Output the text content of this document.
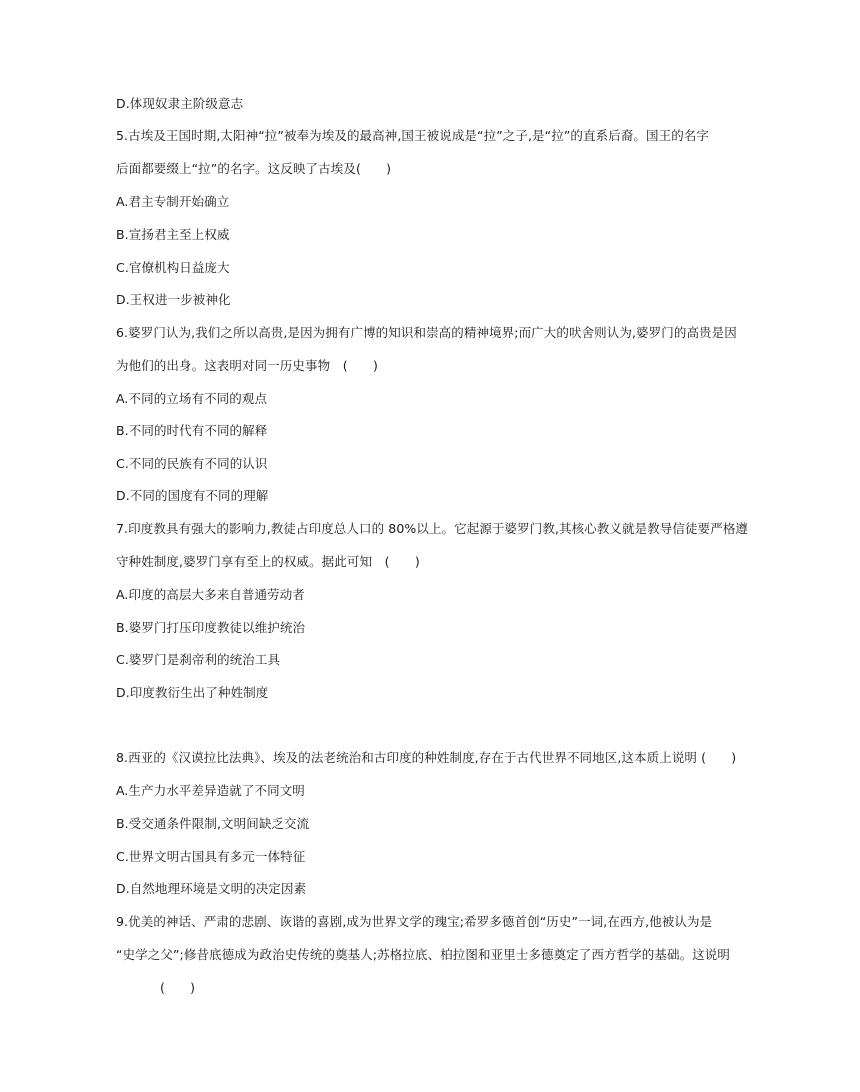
D.体现奴隶主阶级意志
5.古埃及王国时期,太阳神“拉”被奉为埃及的最高神,国王被说成是“拉”之子,是“拉”的直系后裔。国王的名字
后面都要缀上“拉”的名字。这反映了古埃及(　　)
A.君主专制开始确立
B.宣扬君主至上权威
C.官僚机构日益庞大
D.王权进一步被神化
6.婆罗门认为,我们之所以高贵,是因为拥有广博的知识和崇高的精神境界;而广大的吠舍则认为,婆罗门的高贵是因
为他们的出身。这表明对同一历史事物　(　　)
A.不同的立场有不同的观点
B.不同的时代有不同的解释
C.不同的民族有不同的认识
D.不同的国度有不同的理解
7.印度教具有强大的影响力,教徒占印度总人口的 80%以上。它起源于婆罗门教,其核心教义就是教导信徒要严格遵
守种姓制度,婆罗门享有至上的权威。据此可知　(　　)
A.印度的高层大多来自普通劳动者
B.婆罗门打压印度教徒以维护统治
C.婆罗门是刹帝利的统治工具
D.印度教衍生出了种姓制度
8.西亚的《汉谟拉比法典》、埃及的法老统治和古印度的种姓制度,存在于古代世界不同地区,这本质上说明 (　　)
A.生产力水平差异造就了不同文明
B.受交通条件限制,文明间缺乏交流
C.世界文明古国具有多元一体特征
D.自然地理环境是文明的决定因素
9.优美的神话、严肃的悲剧、诙谐的喜剧,成为世界文学的瑰宝;希罗多德首创“历史”一词,在西方,他被认为是
“史学之父”;修昔底德成为政治史传统的奠基人;苏格拉底、柏拉图和亚里士多德奠定了西方哲学的基础。这说明
(　　)
